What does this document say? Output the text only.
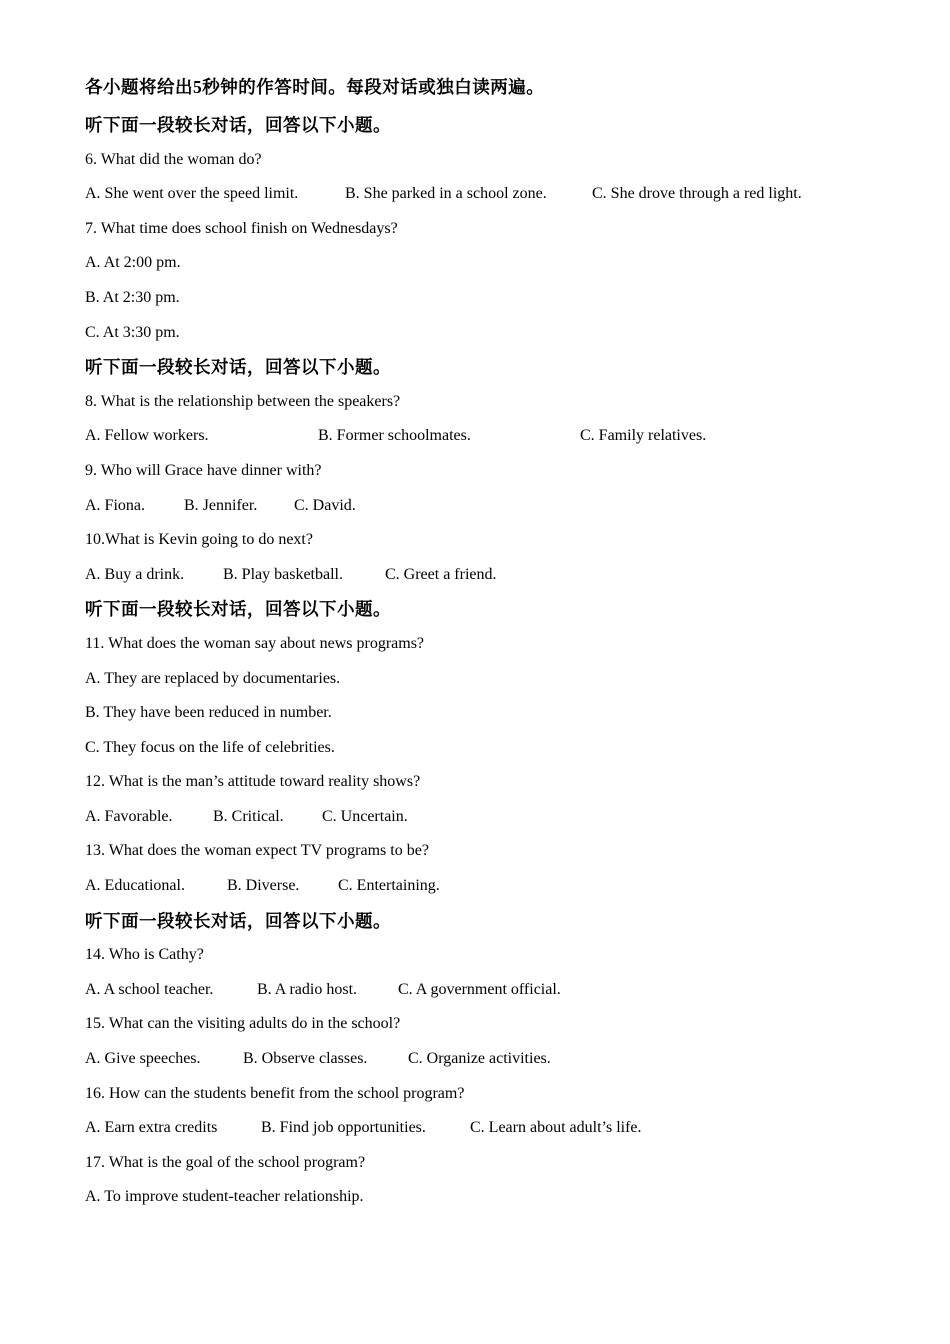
各小题将给出5秒钟的作答时间。每段对话或独白读两遍。
听下面一段较长对话，回答以下小题。
6. What did the woman do?
A. She went over the speed limit.	B. She parked in a school zone.	C. She drove through a red light.
7. What time does school finish on Wednesdays?
A. At 2:00 pm.
B. At 2:30 pm.
C. At 3:30 pm.
听下面一段较长对话，回答以下小题。
8. What is the relationship between the speakers?
A. Fellow workers.	B. Former schoolmates.	C. Family relatives.
9. Who will Grace have dinner with?
A. Fiona. B. Jennifer. C. David.
10.What is Kevin going to do next?
A. Buy a drink. B. Play basketball.	C. Greet a friend.
听下面一段较长对话，回答以下小题。
11. What does the woman say about news programs?
A. They are replaced by documentaries.
B. They have been reduced in number.
C. They focus on the life of celebrities.
12. What is the man’s attitude toward reality shows?
A. Favorable.	B. Critical. C. Uncertain.
13. What does the woman expect TV programs to be?
A. Educational.	B. Diverse. C. Entertaining.
听下面一段较长对话，回答以下小题。
14. Who is Cathy?
A. A school teacher.	B. A radio host.	C. A government official.
15. What can the visiting adults do in the school?
A. Give speeches.	B. Observe classes.	C. Organize activities.
16. How can the students benefit from the school program?
A. Earn extra credits	B. Find job opportunities.	C. Learn about adult’s life.
17. What is the goal of the school program?
A. To improve student-teacher relationship.
